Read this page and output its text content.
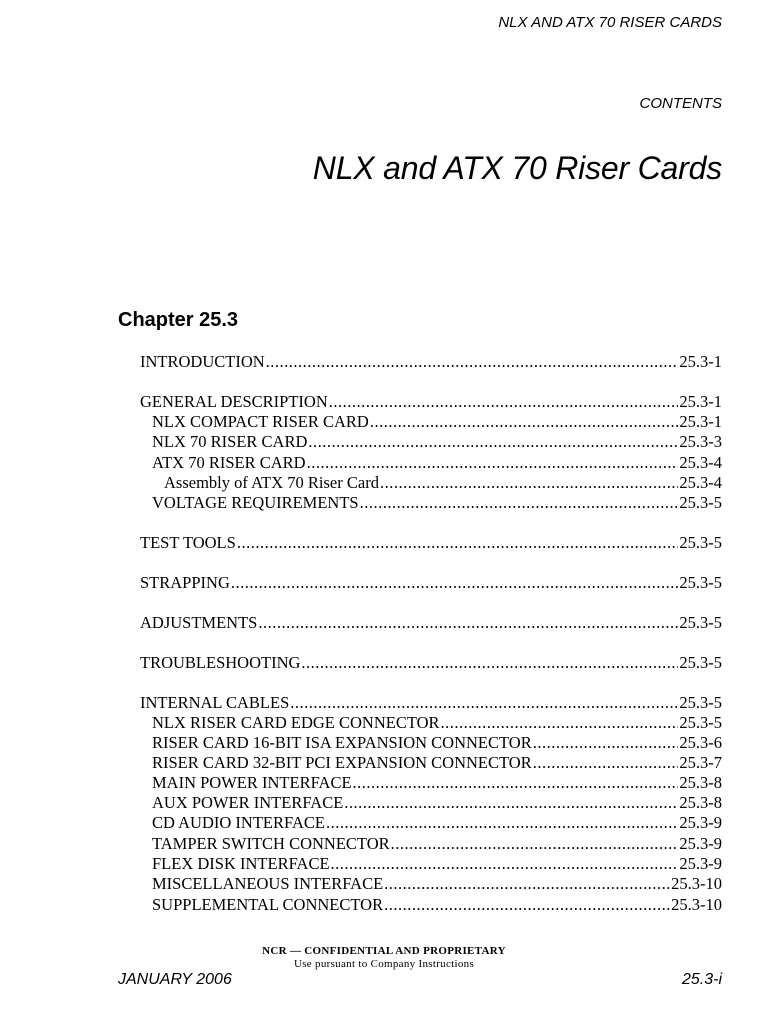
NLX AND ATX 70 RISER CARDS
CONTENTS
NLX and ATX 70 Riser Cards
Chapter 25.3
INTRODUCTION .....	25.3-1
GENERAL DESCRIPTION .....	25.3-1
NLX COMPACT RISER CARD .....	25.3-1
NLX 70 RISER CARD .....	25.3-3
ATX 70 RISER CARD .....	25.3-4
Assembly of ATX 70 Riser Card .....	25.3-4
VOLTAGE REQUIREMENTS .....	25.3-5
TEST TOOLS .....	25.3-5
STRAPPING .....	25.3-5
ADJUSTMENTS .....	25.3-5
TROUBLESHOOTING .....	25.3-5
INTERNAL CABLES .....	25.3-5
NLX RISER CARD EDGE CONNECTOR .....	25.3-5
RISER CARD 16-BIT ISA EXPANSION CONNECTOR .....	25.3-6
RISER CARD 32-BIT PCI EXPANSION CONNECTOR .....	25.3-7
MAIN POWER INTERFACE .....	25.3-8
AUX POWER INTERFACE .....	25.3-8
CD AUDIO INTERFACE .....	25.3-9
TAMPER SWITCH CONNECTOR .....	25.3-9
FLEX DISK INTERFACE .....	25.3-9
MISCELLANEOUS INTERFACE .....	25.3-10
SUPPLEMENTAL CONNECTOR .....	25.3-10
NCR — CONFIDENTIAL AND PROPRIETARY
Use pursuant to Company Instructions
JANUARY 2006	25.3-i
